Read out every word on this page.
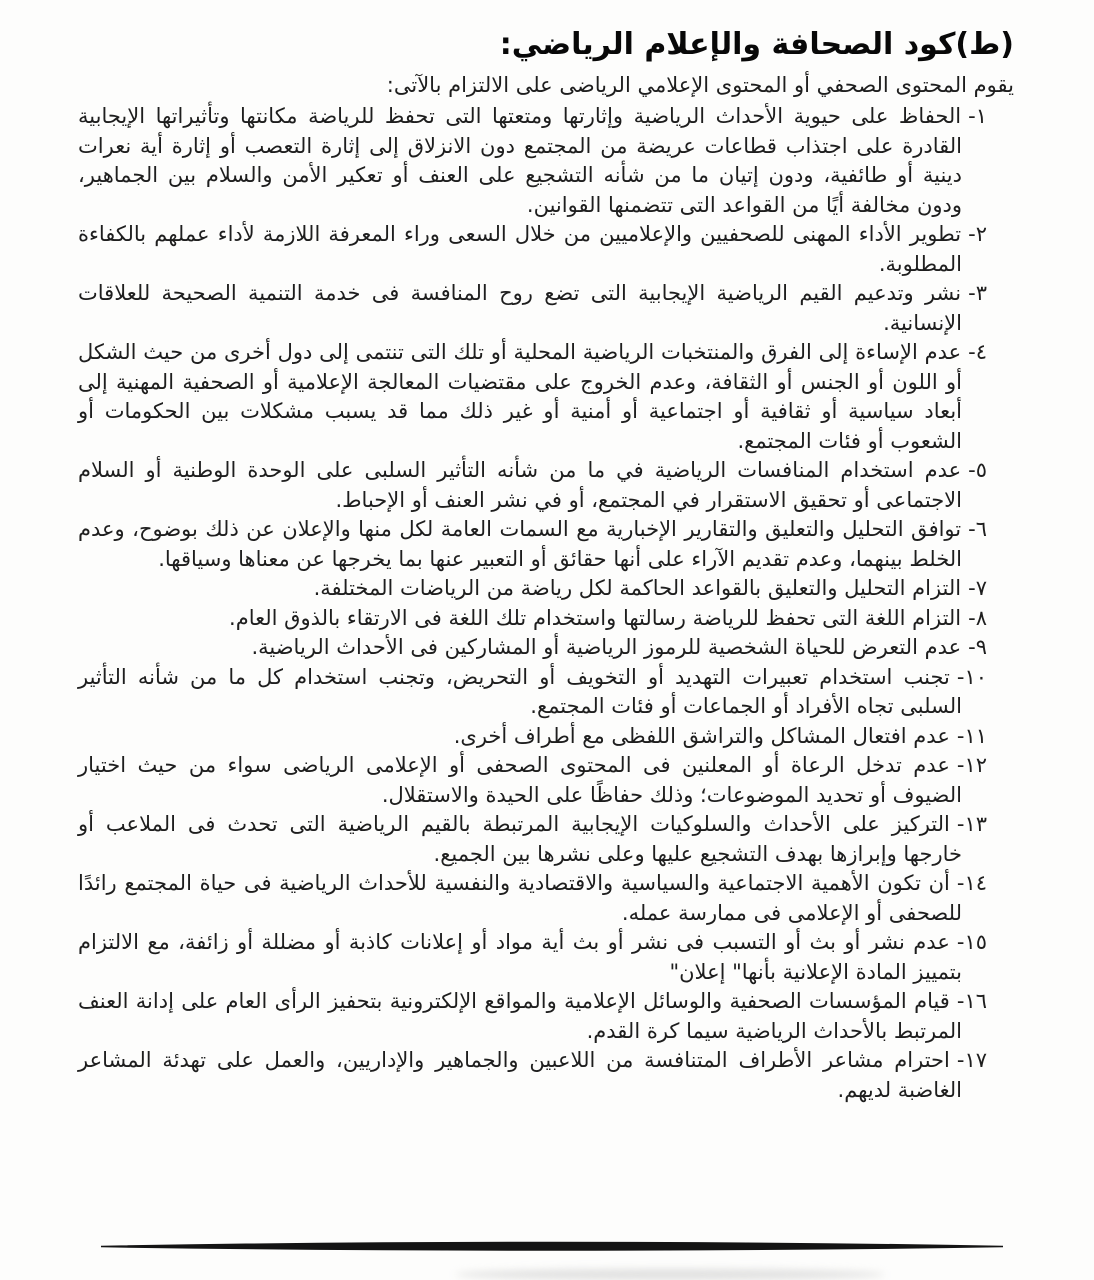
(ط)كود الصحافة والإعلام الرياضي:
يقوم المحتوى الصحفي أو المحتوى الإعلامي الرياضى على الالتزام بالآتى:
١-الحفاظ على حيوية الأحداث الرياضية وإثارتها ومتعتها التى تحفظ للرياضة مكانتها وتأثيراتها الإيجابية القادرة على اجتذاب قطاعات عريضة من المجتمع دون الانزلاق إلى إثارة التعصب أو إثارة أية نعرات دينية أو طائفية، ودون إتيان ما من شأنه التشجيع على العنف أو تعكير الأمن والسلام بين الجماهير، ودون مخالفة أيًا من القواعد التى تتضمنها القوانين.
٢-تطوير الأداء المهنى للصحفيين والإعلاميين من خلال السعى وراء المعرفة اللازمة لأداء عملهم بالكفاءة المطلوبة.
٣-نشر وتدعيم القيم الرياضية الإيجابية التى تضع روح المنافسة فى خدمة التنمية الصحيحة للعلاقات الإنسانية.
٤-عدم الإساءة إلى الفرق والمنتخبات الرياضية المحلية أو تلك التى تنتمى إلى دول أخرى من حيث الشكل أو اللون أو الجنس أو الثقافة، وعدم الخروج على مقتضيات المعالجة الإعلامية أو الصحفية المهنية إلى أبعاد سياسية أو ثقافية أو اجتماعية أو أمنية أو غير ذلك مما قد يسبب مشكلات بين الحكومات أو الشعوب أو فئات المجتمع.
٥-عدم استخدام المنافسات الرياضية في ما من شأنه التأثير السلبى على الوحدة الوطنية أو السلام الاجتماعى أو تحقيق الاستقرار في المجتمع، أو في نشر العنف أو الإحباط.
٦-توافق التحليل والتعليق والتقارير الإخبارية مع السمات العامة لكل منها والإعلان عن ذلك بوضوح، وعدم الخلط بينهما، وعدم تقديم الآراء على أنها حقائق أو التعبير عنها بما يخرجها عن معناها وسياقها.
٧-التزام التحليل والتعليق بالقواعد الحاكمة لكل رياضة من الرياضات المختلفة.
٨-التزام اللغة التى تحفظ للرياضة رسالتها واستخدام تلك اللغة فى الارتقاء بالذوق العام.
٩-عدم التعرض للحياة الشخصية للرموز الرياضية أو المشاركين فى الأحداث الرياضية.
١٠-تجنب استخدام تعبيرات التهديد أو التخويف أو التحريض، وتجنب استخدام كل ما من شأنه التأثير السلبى تجاه الأفراد أو الجماعات أو فئات المجتمع.
١١-عدم افتعال المشاكل والتراشق اللفظى مع أطراف أخرى.
١٢-عدم تدخل الرعاة أو المعلنين فى المحتوى الصحفى أو الإعلامى الرياضى سواء من حيث اختيار الضيوف أو تحديد الموضوعات؛ وذلك حفاظًا على الحيدة والاستقلال.
١٣-التركيز على الأحداث والسلوكيات الإيجابية المرتبطة بالقيم الرياضية التى تحدث فى الملاعب أو خارجها وإبرازها بهدف التشجيع عليها وعلى نشرها بين الجميع.
١٤-أن تكون الأهمية الاجتماعية والسياسية والاقتصادية والنفسية للأحداث الرياضية فى حياة المجتمع رائدًا للصحفى أو الإعلامى فى ممارسة عمله.
١٥-عدم نشر أو بث أو التسبب فى نشر أو بث أية مواد أو إعلانات كاذبة أو مضللة أو زائفة، مع الالتزام بتمييز المادة الإعلانية بأنها" إعلان"
١٦-قيام المؤسسات الصحفية والوسائل الإعلامية والمواقع الإلكترونية بتحفيز الرأى العام على إدانة العنف المرتبط بالأحداث الرياضية سيما كرة القدم.
١٧-احترام مشاعر الأطراف المتنافسة من اللاعبين والجماهير والإداريين، والعمل على تهدئة المشاعر الغاضبة لديهم.
